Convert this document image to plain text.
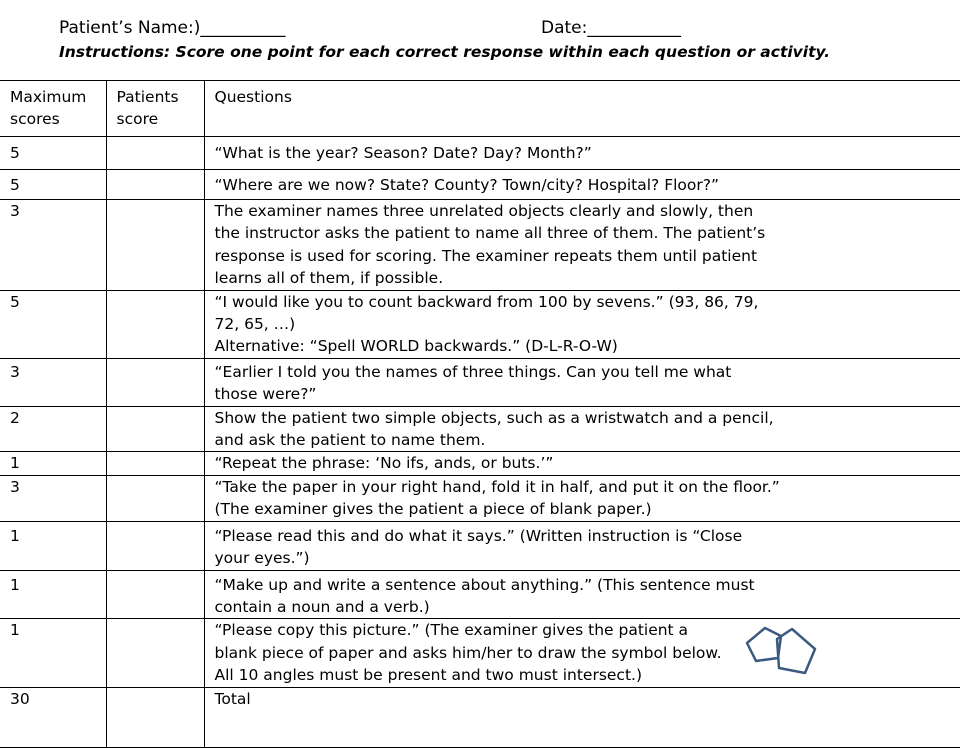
Patient’s Name:)__________	Date:___________
Instructions: Score one point for each correct response within each question or activity.
Maximum scores	Patients score	Questions
5		“What is the year? Season? Date? Day? Month?”

5		“Where are we now? State? County? Town/city? Hospital? Floor?”

3		The examiner names three unrelated objects clearly and slowly, then the instructor asks the patient to name all three of them. The patient’s response is used for scoring. The examiner repeats them until patient learns all of them, if possible.

5		“I would like you to count backward from 100 by sevens.” (93, 86, 79, 72, 65, …)
Alternative: “Spell WORLD backwards.” (D-L-R-O-W)

3		“Earlier I told you the names of three things. Can you tell me what those were?”

2		Show the patient two simple objects, such as a wristwatch and a pencil, and ask the patient to name them.

1		“Repeat the phrase: ‘No ifs, ands, or buts.’”

3		“Take the paper in your right hand, fold it in half, and put it on the floor.” (The examiner gives the patient a piece of blank paper.)

1		“Please read this and do what it says.” (Written instruction is “Close your eyes.”)

1		“Make up and write a sentence about anything.” (This sentence must contain a noun and a verb.)

1		“Please copy this picture.” (The examiner gives the patient a blank piece of paper and asks him/her to draw the symbol below. All 10 angles must be present and two must intersect.)

30		Total
